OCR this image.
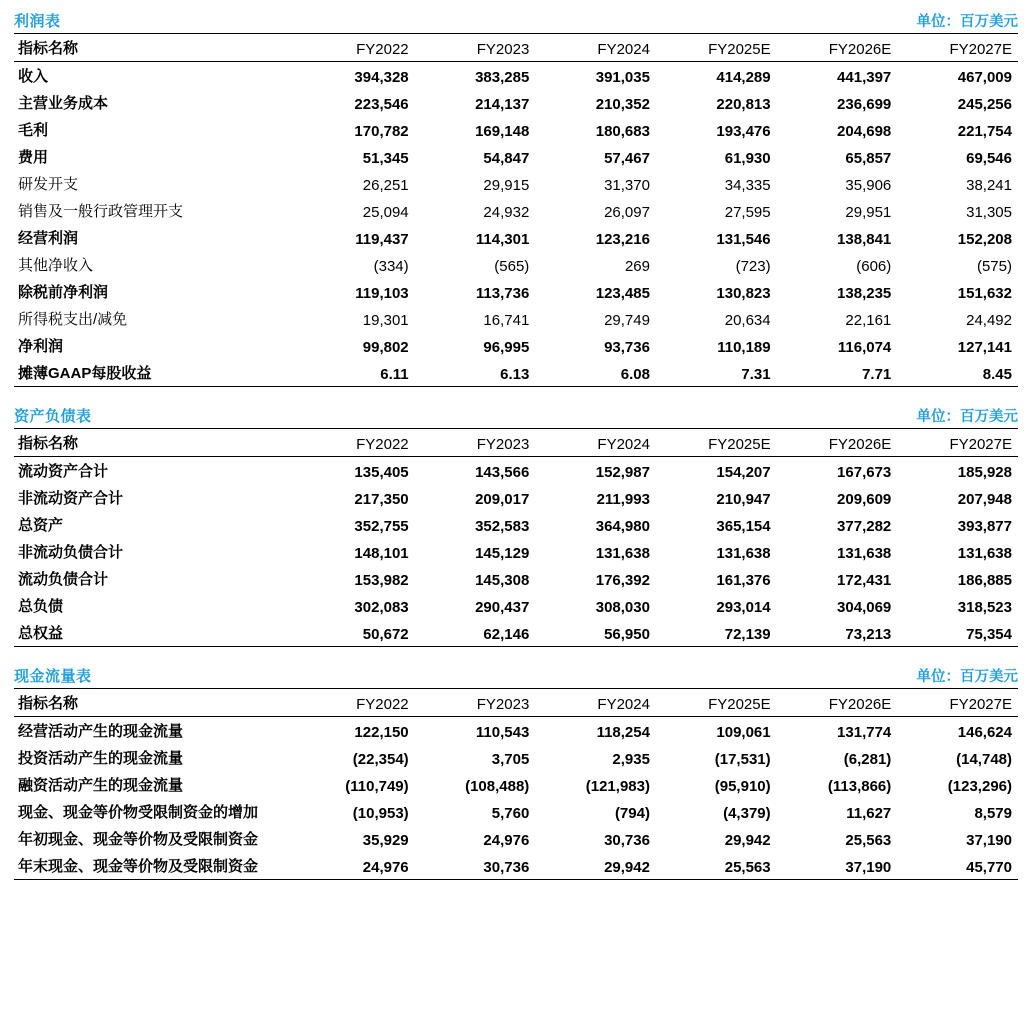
利润表	单位：百万美元
指标名称	FY2022	FY2023	FY2024	FY2025E	FY2026E	FY2027E
收入	394,328	383,285	391,035	414,289	441,397	467,009
主营业务成本	223,546	214,137	210,352	220,813	236,699	245,256
毛利	170,782	169,148	180,683	193,476	204,698	221,754
费用	51,345	54,847	57,467	61,930	65,857	69,546
研发开支	26,251	29,915	31,370	34,335	35,906	38,241
销售及一般行政管理开支	25,094	24,932	26,097	27,595	29,951	31,305
经营利润	119,437	114,301	123,216	131,546	138,841	152,208
其他净收入	(334)	(565)	269	(723)	(606)	(575)
除税前净利润	119,103	113,736	123,485	130,823	138,235	151,632
所得税支出/减免	19,301	16,741	29,749	20,634	22,161	24,492
净利润	99,802	96,995	93,736	110,189	116,074	127,141
摊薄GAAP每股收益	6.11	6.13	6.08	7.31	7.71	8.45
资产负债表	单位：百万美元
指标名称	FY2022	FY2023	FY2024	FY2025E	FY2026E	FY2027E
流动资产合计	135,405	143,566	152,987	154,207	167,673	185,928
非流动资产合计	217,350	209,017	211,993	210,947	209,609	207,948
总资产	352,755	352,583	364,980	365,154	377,282	393,877
非流动负债合计	148,101	145,129	131,638	131,638	131,638	131,638
流动负债合计	153,982	145,308	176,392	161,376	172,431	186,885
总负债	302,083	290,437	308,030	293,014	304,069	318,523
总权益	50,672	62,146	56,950	72,139	73,213	75,354
现金流量表	单位：百万美元
指标名称	FY2022	FY2023	FY2024	FY2025E	FY2026E	FY2027E
经营活动产生的现金流量	122,150	110,543	118,254	109,061	131,774	146,624
投资活动产生的现金流量	(22,354)	3,705	2,935	(17,531)	(6,281)	(14,748)
融资活动产生的现金流量	(110,749)	(108,488)	(121,983)	(95,910)	(113,866)	(123,296)
现金、现金等价物受限制资金的增加	(10,953)	5,760	(794)	(4,379)	11,627	8,579
年初现金、现金等价物及受限制资金	35,929	24,976	30,736	29,942	25,563	37,190
年末现金、现金等价物及受限制资金	24,976	30,736	29,942	25,563	37,190	45,770
